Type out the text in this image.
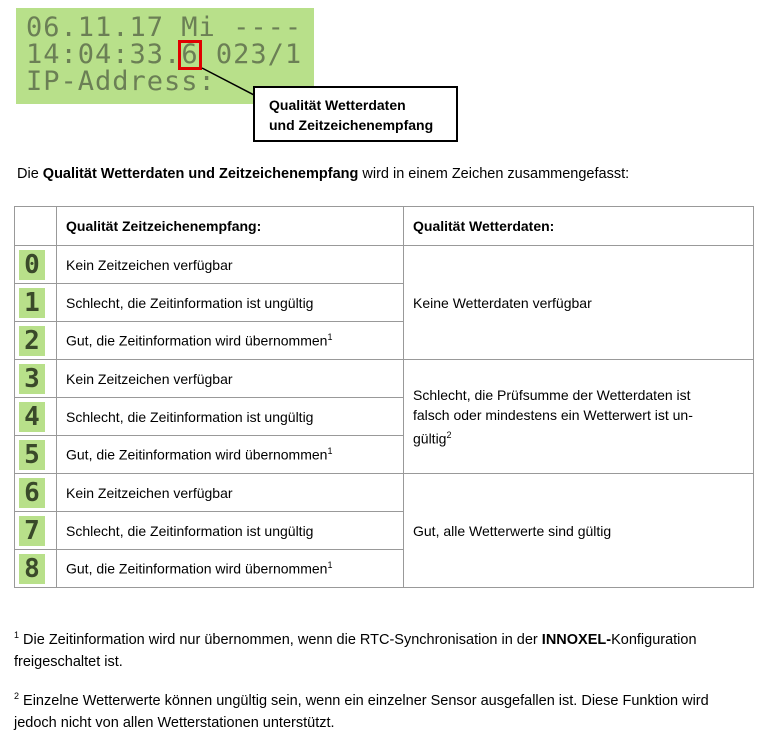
06.11.17 Mi ----
14:04:33.6 023/1
IP-Address:
Qualität Wetterdaten
und Zeitzeichenempfang
Die Qualität Wetterdaten und Zeitzeichenempfang wird in einem Zeichen zusammengefasst:
	Qualität Zeitzeichenempfang:	Qualität Wetterdaten:
0	Kein Zeitzeichen verfügbar	Keine Wetterdaten verfügbar
1	Schlecht, die Zeitinformation ist ungültig	
2	Gut, die Zeitinformation wird übernommen$^1$
3	Kein Zeitzeichen verfügbar	Schlecht, die Prüfsumme der Wetterdaten ist falsch oder mindestens ein Wetterwert ist un-gültig$^2$
4	Schlecht, die Zeitinformation ist ungültig	
5	Gut, die Zeitinformation wird übernommen$^1$
6	Kein Zeitzeichen verfügbar	Gut, alle Wetterwerte sind gültig
7	Schlecht, die Zeitinformation ist ungültig	
8	Gut, die Zeitinformation wird übernommen$^1$
$^1$ Die Zeitinformation wird nur übernommen, wenn die RTC-Synchronisation in der INNOXEL-Konfiguration freigeschaltet ist.
$^2$ Einzelne Wetterwerte können ungültig sein, wenn ein einzelner Sensor ausgefallen ist. Diese Funktion wird jedoch nicht von allen Wetterstationen unterstützt.
